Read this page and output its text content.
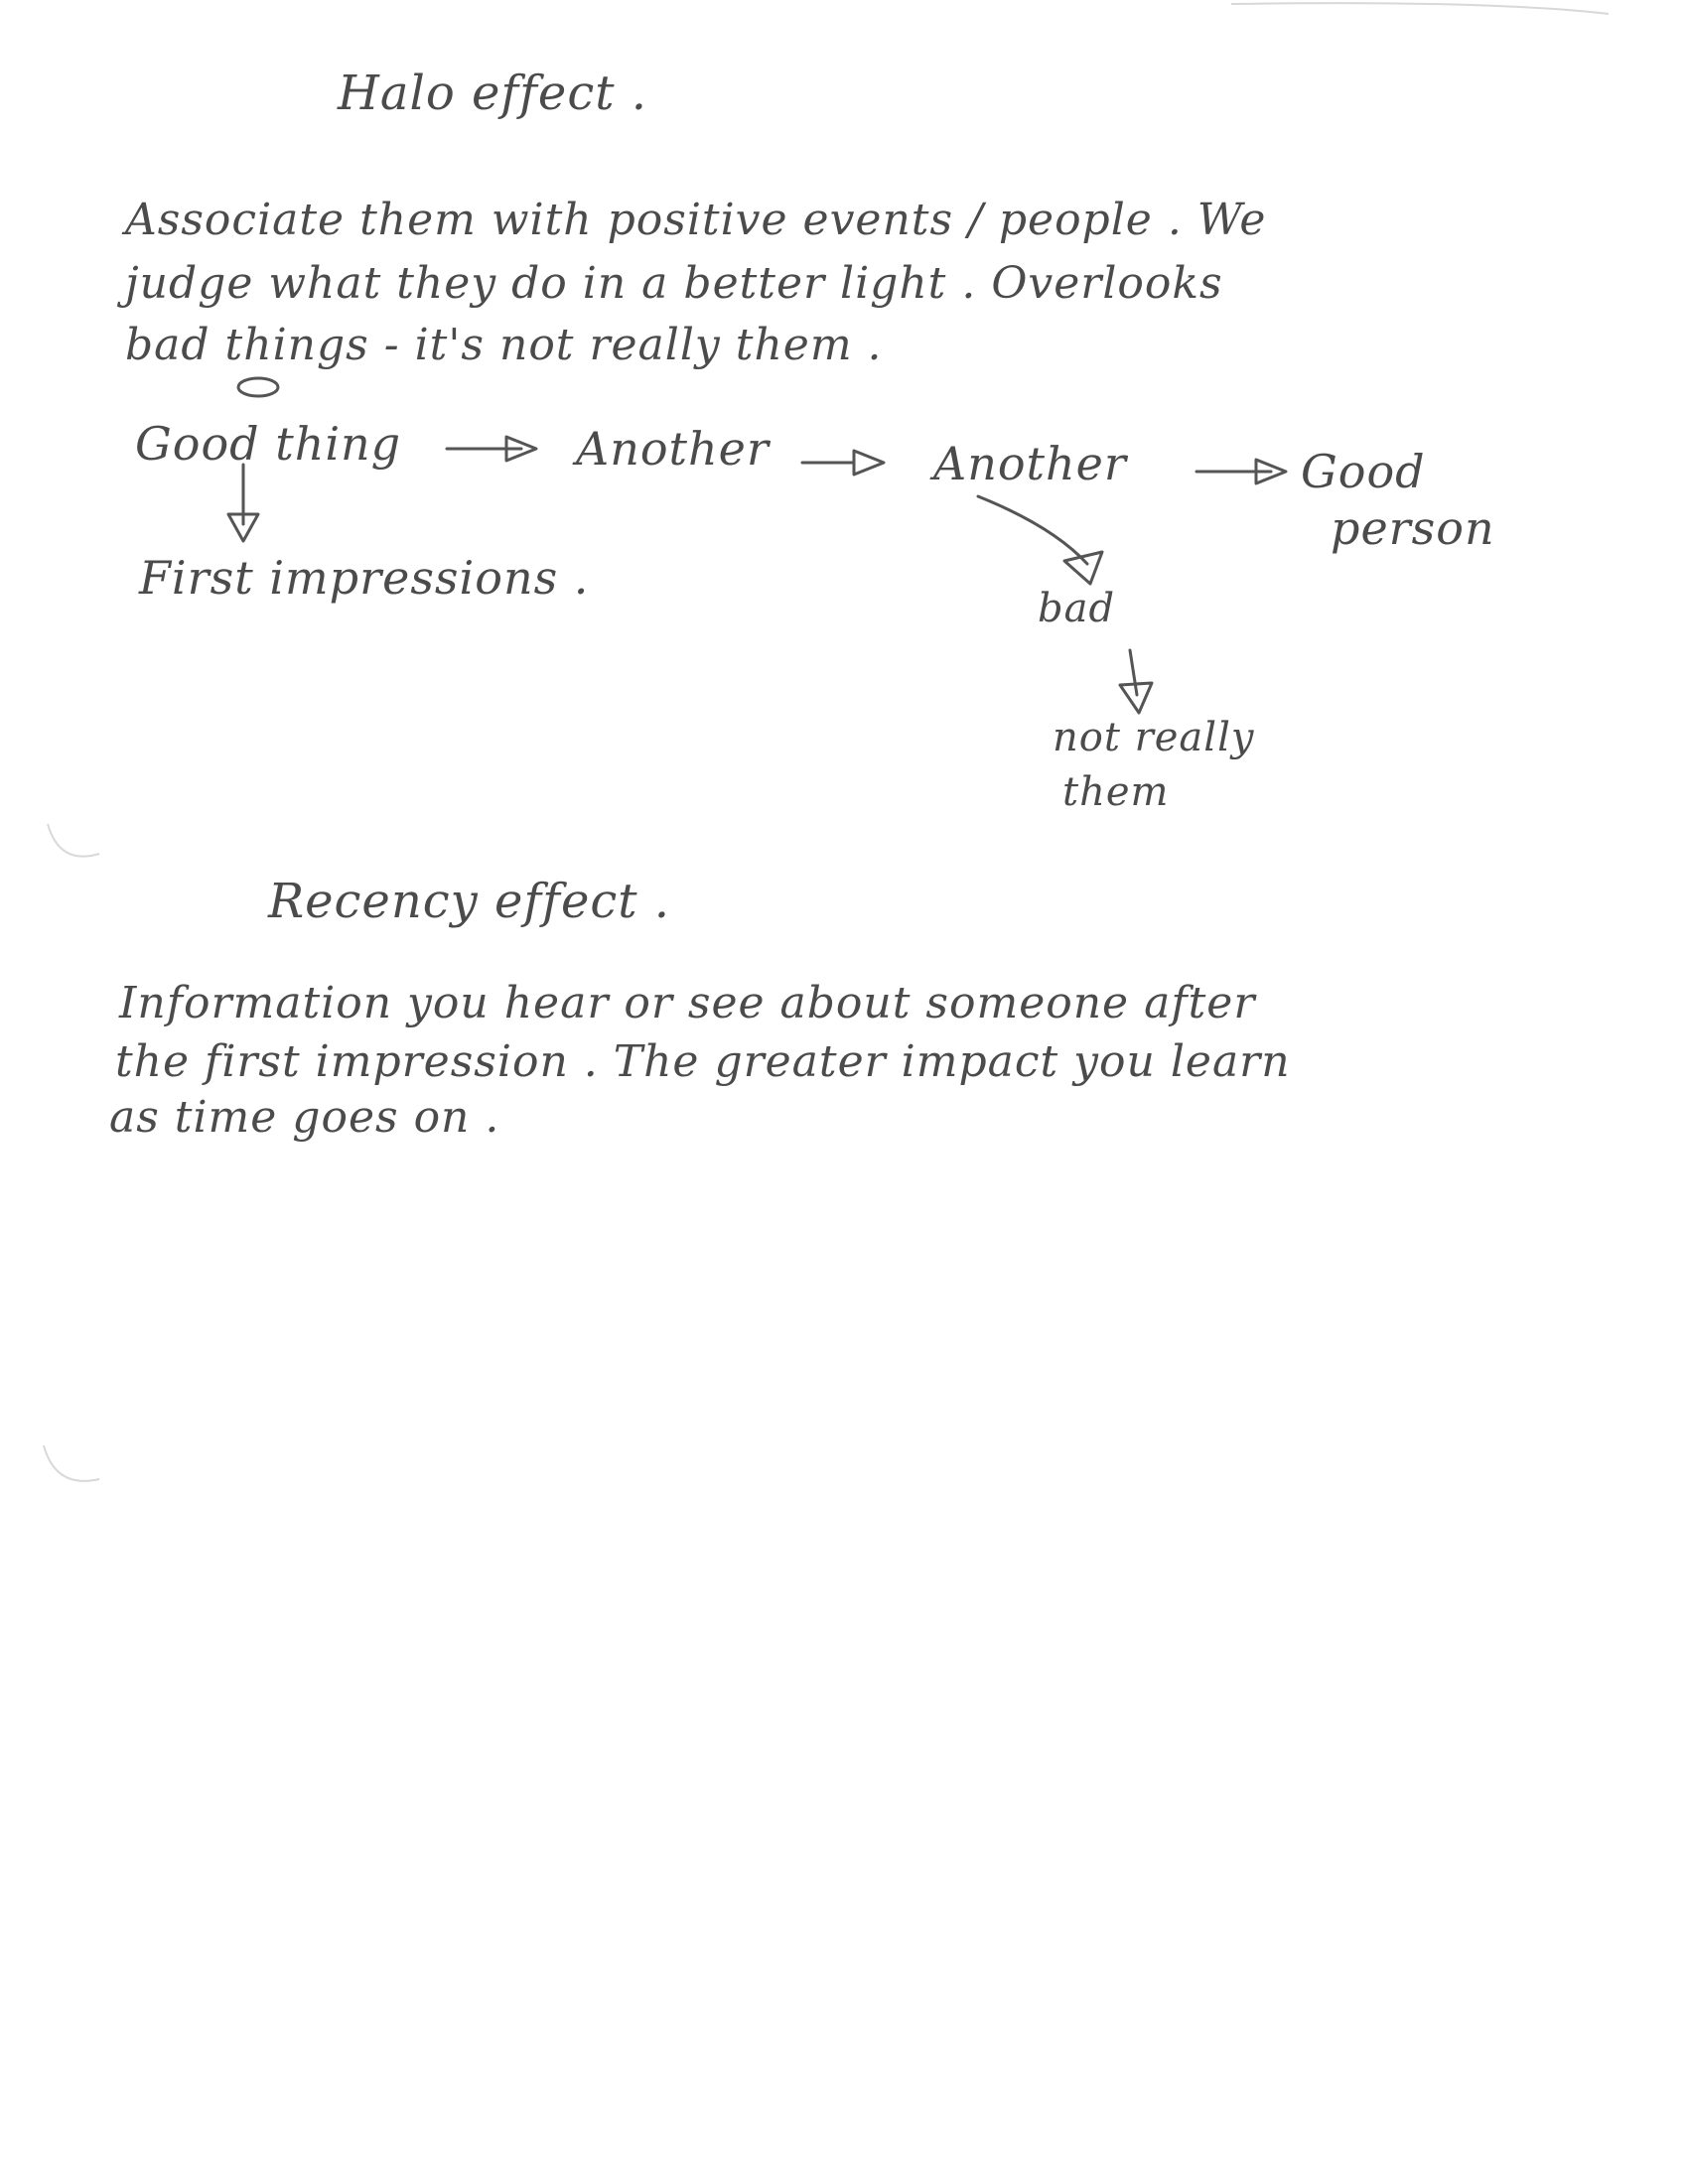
Halo effect .
Associate them with positive events / people . We
judge what they do in a better light . Overlooks
bad things - it's not really them .
Good thing	Another	Another	Good
person
First impressions .
bad
not really
them
Recency effect .
Information you hear or see about someone after
the first impression . The greater impact you learn
as time goes on .
